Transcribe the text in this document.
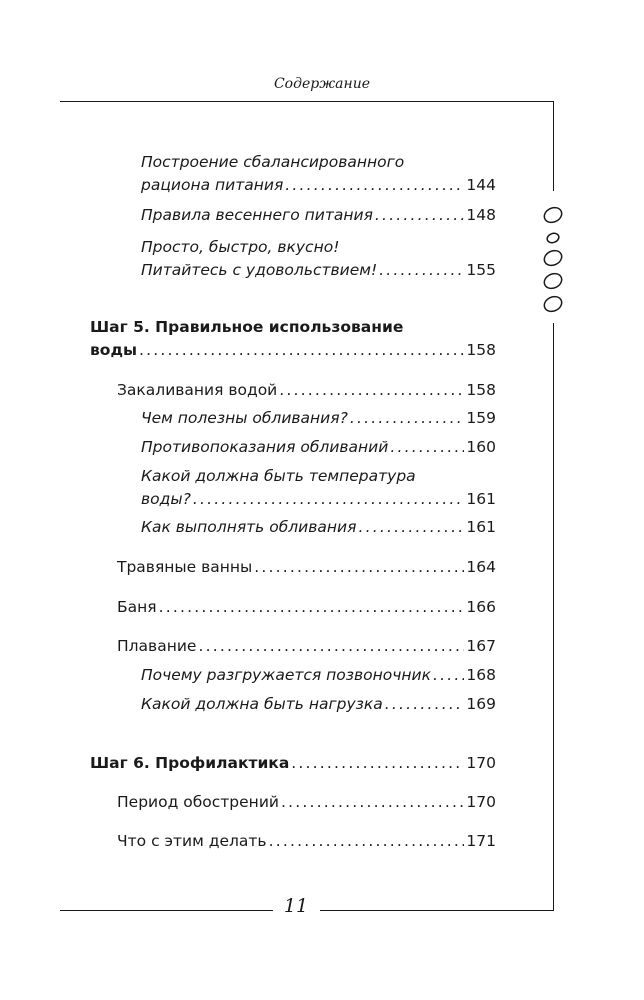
Содержание
Построение сбалансированного
рациона питания .....	144
Правила весеннего питания .....	148
Просто, быстро, вкусно!
Питайтесь с удовольствием! .....	155
Шаг 5. Правильное использование
воды .....	158
Закаливания водой .....	158
Чем полезны обливания? .....	159
Противопоказания обливаний .....	160
Какой должна быть температура
воды? .....	161
Как выполнять обливания .....	161
Травяные ванны .....	164
Баня .....	166
Плавание .....	167
Почему разгружается позвоночник ..... 168
Какой должна быть нагрузка .....	169
Шаг 6. Профилактика .....	170
Период обострений .....	170
Что с этим делать .....	171
11
